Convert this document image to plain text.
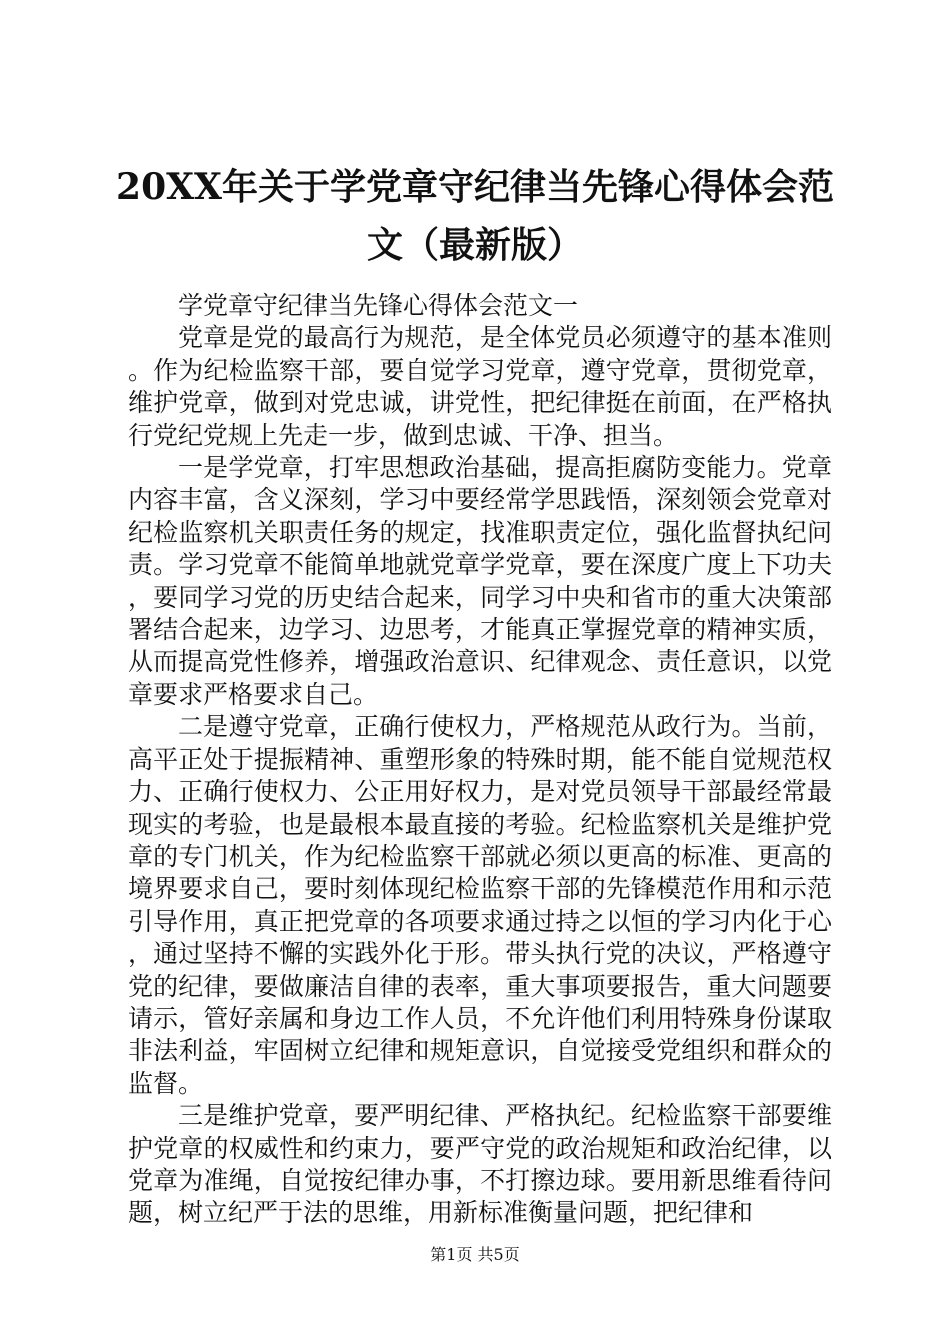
20XX年关于学党章守纪律当先锋心得体会范文（最新版）

学党章守纪律当先锋心得体会范文一

党章是党的最高行为规范，是全体党员必须遵守的基本准则。作为纪检监察干部，要自觉学习党章，遵守党章，贯彻党章，维护党章，做到对党忠诚，讲党性，把纪律挺在前面，在严格执行党纪党规上先走一步，做到忠诚、干净、担当。

一是学党章，打牢思想政治基础，提高拒腐防变能力。党章内容丰富，含义深刻，学习中要经常学思践悟，深刻领会党章对纪检监察机关职责任务的规定，找准职责定位，强化监督执纪问责。学习党章不能简单地就党章学党章，要在深度广度上下功夫，要同学习党的历史结合起来，同学习中央和省市的重大决策部署结合起来，边学习、边思考，才能真正掌握党章的精神实质，从而提高党性修养，增强政治意识、纪律观念、责任意识，以党章要求严格要求自己。

二是遵守党章，正确行使权力，严格规范从政行为。当前，高平正处于提振精神、重塑形象的特殊时期，能不能自觉规范权力、正确行使权力、公正用好权力，是对党员领导干部最经常最现实的考验，也是最根本最直接的考验。纪检监察机关是维护党章的专门机关，作为纪检监察干部就必须以更高的标准、更高的境界要求自己，要时刻体现纪检监察干部的先锋模范作用和示范引导作用，真正把党章的各项要求通过持之以恒的学习内化于心，通过坚持不懈的实践外化于形。带头执行党的决议，严格遵守党的纪律，要做廉洁自律的表率，重大事项要报告，重大问题要请示，管好亲属和身边工作人员，不允许他们利用特殊身份谋取非法利益，牢固树立纪律和规矩意识，自觉接受党组织和群众的监督。

三是维护党章，要严明纪律、严格执纪。纪检监察干部要维护党章的权威性和约束力，要严守党的政治规矩和政治纪律，以党章为准绳，自觉按纪律办事，不打擦边球。要用新思维看待问题，树立纪严于法的思维，用新标准衡量问题，把纪律和

第1页 共5页
